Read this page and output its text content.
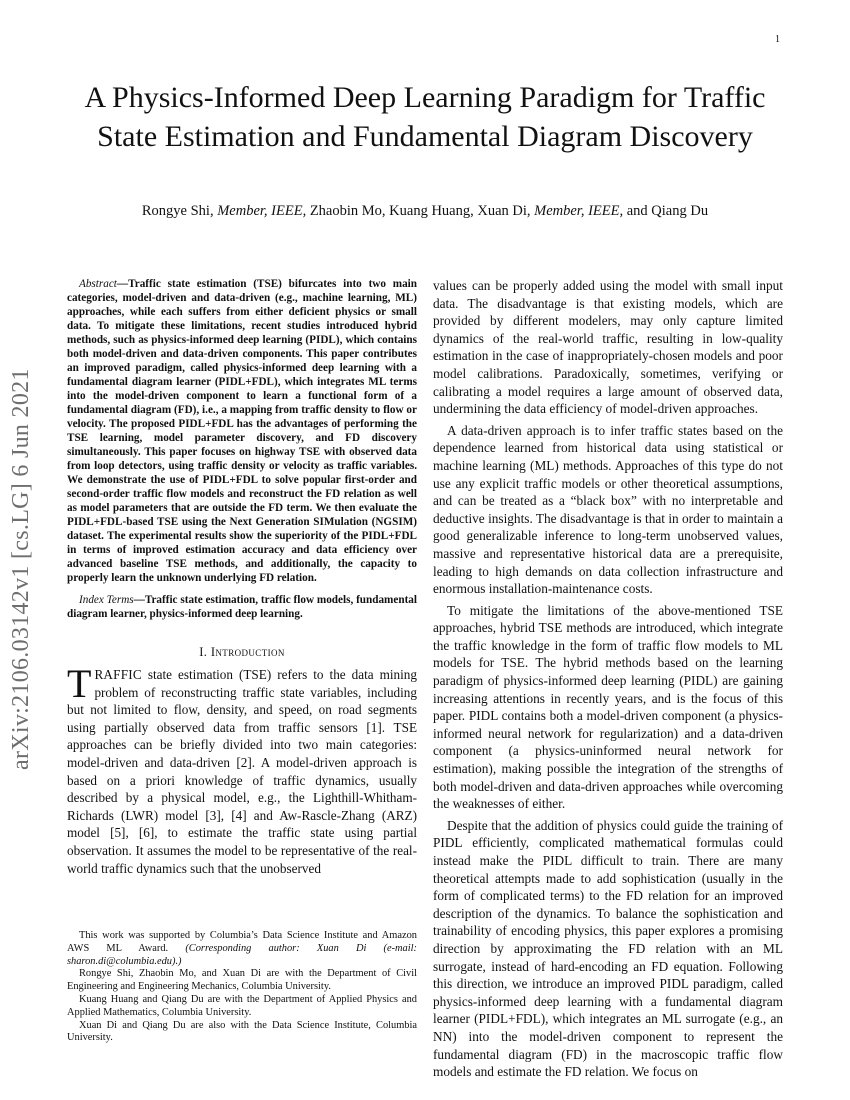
1
arXiv:2106.03142v1 [cs.LG] 6 Jun 2021
A Physics-Informed Deep Learning Paradigm for Traffic State Estimation and Fundamental Diagram Discovery
Rongye Shi, Member, IEEE, Zhaobin Mo, Kuang Huang, Xuan Di, Member, IEEE, and Qiang Du

Abstract—Traffic state estimation (TSE) bifurcates into two main categories, model-driven and data-driven (e.g., machine learning, ML) approaches, while each suffers from either deficient physics or small data. To mitigate these limitations, recent studies introduced hybrid methods, such as physics-informed deep learning (PIDL), which contains both model-driven and data-driven components. This paper contributes an improved paradigm, called physics-informed deep learning with a fundamental diagram learner (PIDL+FDL), which integrates ML terms into the model-driven component to learn a functional form of a fundamental diagram (FD), i.e., a mapping from traffic density to flow or velocity. The proposed PIDL+FDL has the advantages of performing the TSE learning, model parameter discovery, and FD discovery simultaneously. This paper focuses on highway TSE with observed data from loop detectors, using traffic density or velocity as traffic variables. We demonstrate the use of PIDL+FDL to solve popular first-order and second-order traffic flow models and reconstruct the FD relation as well as model parameters that are outside the FD term. We then evaluate the PIDL+FDL-based TSE using the Next Generation SIMulation (NGSIM) dataset. The experimental results show the superiority of the PIDL+FDL in terms of improved estimation accuracy and data efficiency over advanced baseline TSE methods, and additionally, the capacity to properly learn the unknown underlying FD relation.

Index Terms—Traffic state estimation, traffic flow models, fundamental diagram learner, physics-informed deep learning.

I. Introduction

TRAFFIC state estimation (TSE) refers to the data mining problem of reconstructing traffic state variables, including but not limited to flow, density, and speed, on road segments using partially observed data from traffic sensors [1]. TSE approaches can be briefly divided into two main categories: model-driven and data-driven [2]. A model-driven approach is based on a priori knowledge of traffic dynamics, usually described by a physical model, e.g., the Lighthill-Whitham-Richards (LWR) model [3], [4] and Aw-Rascle-Zhang (ARZ) model [5], [6], to estimate the traffic state using partial observation. It assumes the model to be representative of the real-world traffic dynamics such that the unobserved

This work was supported by Columbia’s Data Science Institute and Amazon AWS ML Award. (Corresponding author: Xuan Di (e-mail: sharon.di@columbia.edu).)

Rongye Shi, Zhaobin Mo, and Xuan Di are with the Department of Civil Engineering and Engineering Mechanics, Columbia University.

Kuang Huang and Qiang Du are with the Department of Applied Physics and Applied Mathematics, Columbia University.

Xuan Di and Qiang Du are also with the Data Science Institute, Columbia University.

values can be properly added using the model with small input data. The disadvantage is that existing models, which are provided by different modelers, may only capture limited dynamics of the real-world traffic, resulting in low-quality estimation in the case of inappropriately-chosen models and poor model calibrations. Paradoxically, sometimes, verifying or calibrating a model requires a large amount of observed data, undermining the data efficiency of model-driven approaches.

A data-driven approach is to infer traffic states based on the dependence learned from historical data using statistical or machine learning (ML) methods. Approaches of this type do not use any explicit traffic models or other theoretical assumptions, and can be treated as a “black box” with no interpretable and deductive insights. The disadvantage is that in order to maintain a good generalizable inference to long-term unobserved values, massive and representative historical data are a prerequisite, leading to high demands on data collection infrastructure and enormous installation-maintenance costs.

To mitigate the limitations of the above-mentioned TSE approaches, hybrid TSE methods are introduced, which integrate the traffic knowledge in the form of traffic flow models to ML models for TSE. The hybrid methods based on the learning paradigm of physics-informed deep learning (PIDL) are gaining increasing attentions in recently years, and is the focus of this paper. PIDL contains both a model-driven component (a physics-informed neural network for regularization) and a data-driven component (a physics-uninformed neural network for estimation), making possible the integration of the strengths of both model-driven and data-driven approaches while overcoming the weaknesses of either.

Despite that the addition of physics could guide the training of PIDL efficiently, complicated mathematical formulas could instead make the PIDL difficult to train. There are many theoretical attempts made to add sophistication (usually in the form of complicated terms) to the FD relation for an improved description of the dynamics. To balance the sophistication and trainability of encoding physics, this paper explores a promising direction by approximating the FD relation with an ML surrogate, instead of hard-encoding an FD equation. Following this direction, we introduce an improved PIDL paradigm, called physics-informed deep learning with a fundamental diagram learner (PIDL+FDL), which integrates an ML surrogate (e.g., an NN) into the model-driven component to represent the fundamental diagram (FD) in the macroscopic traffic flow models and estimate the FD relation. We focus on
